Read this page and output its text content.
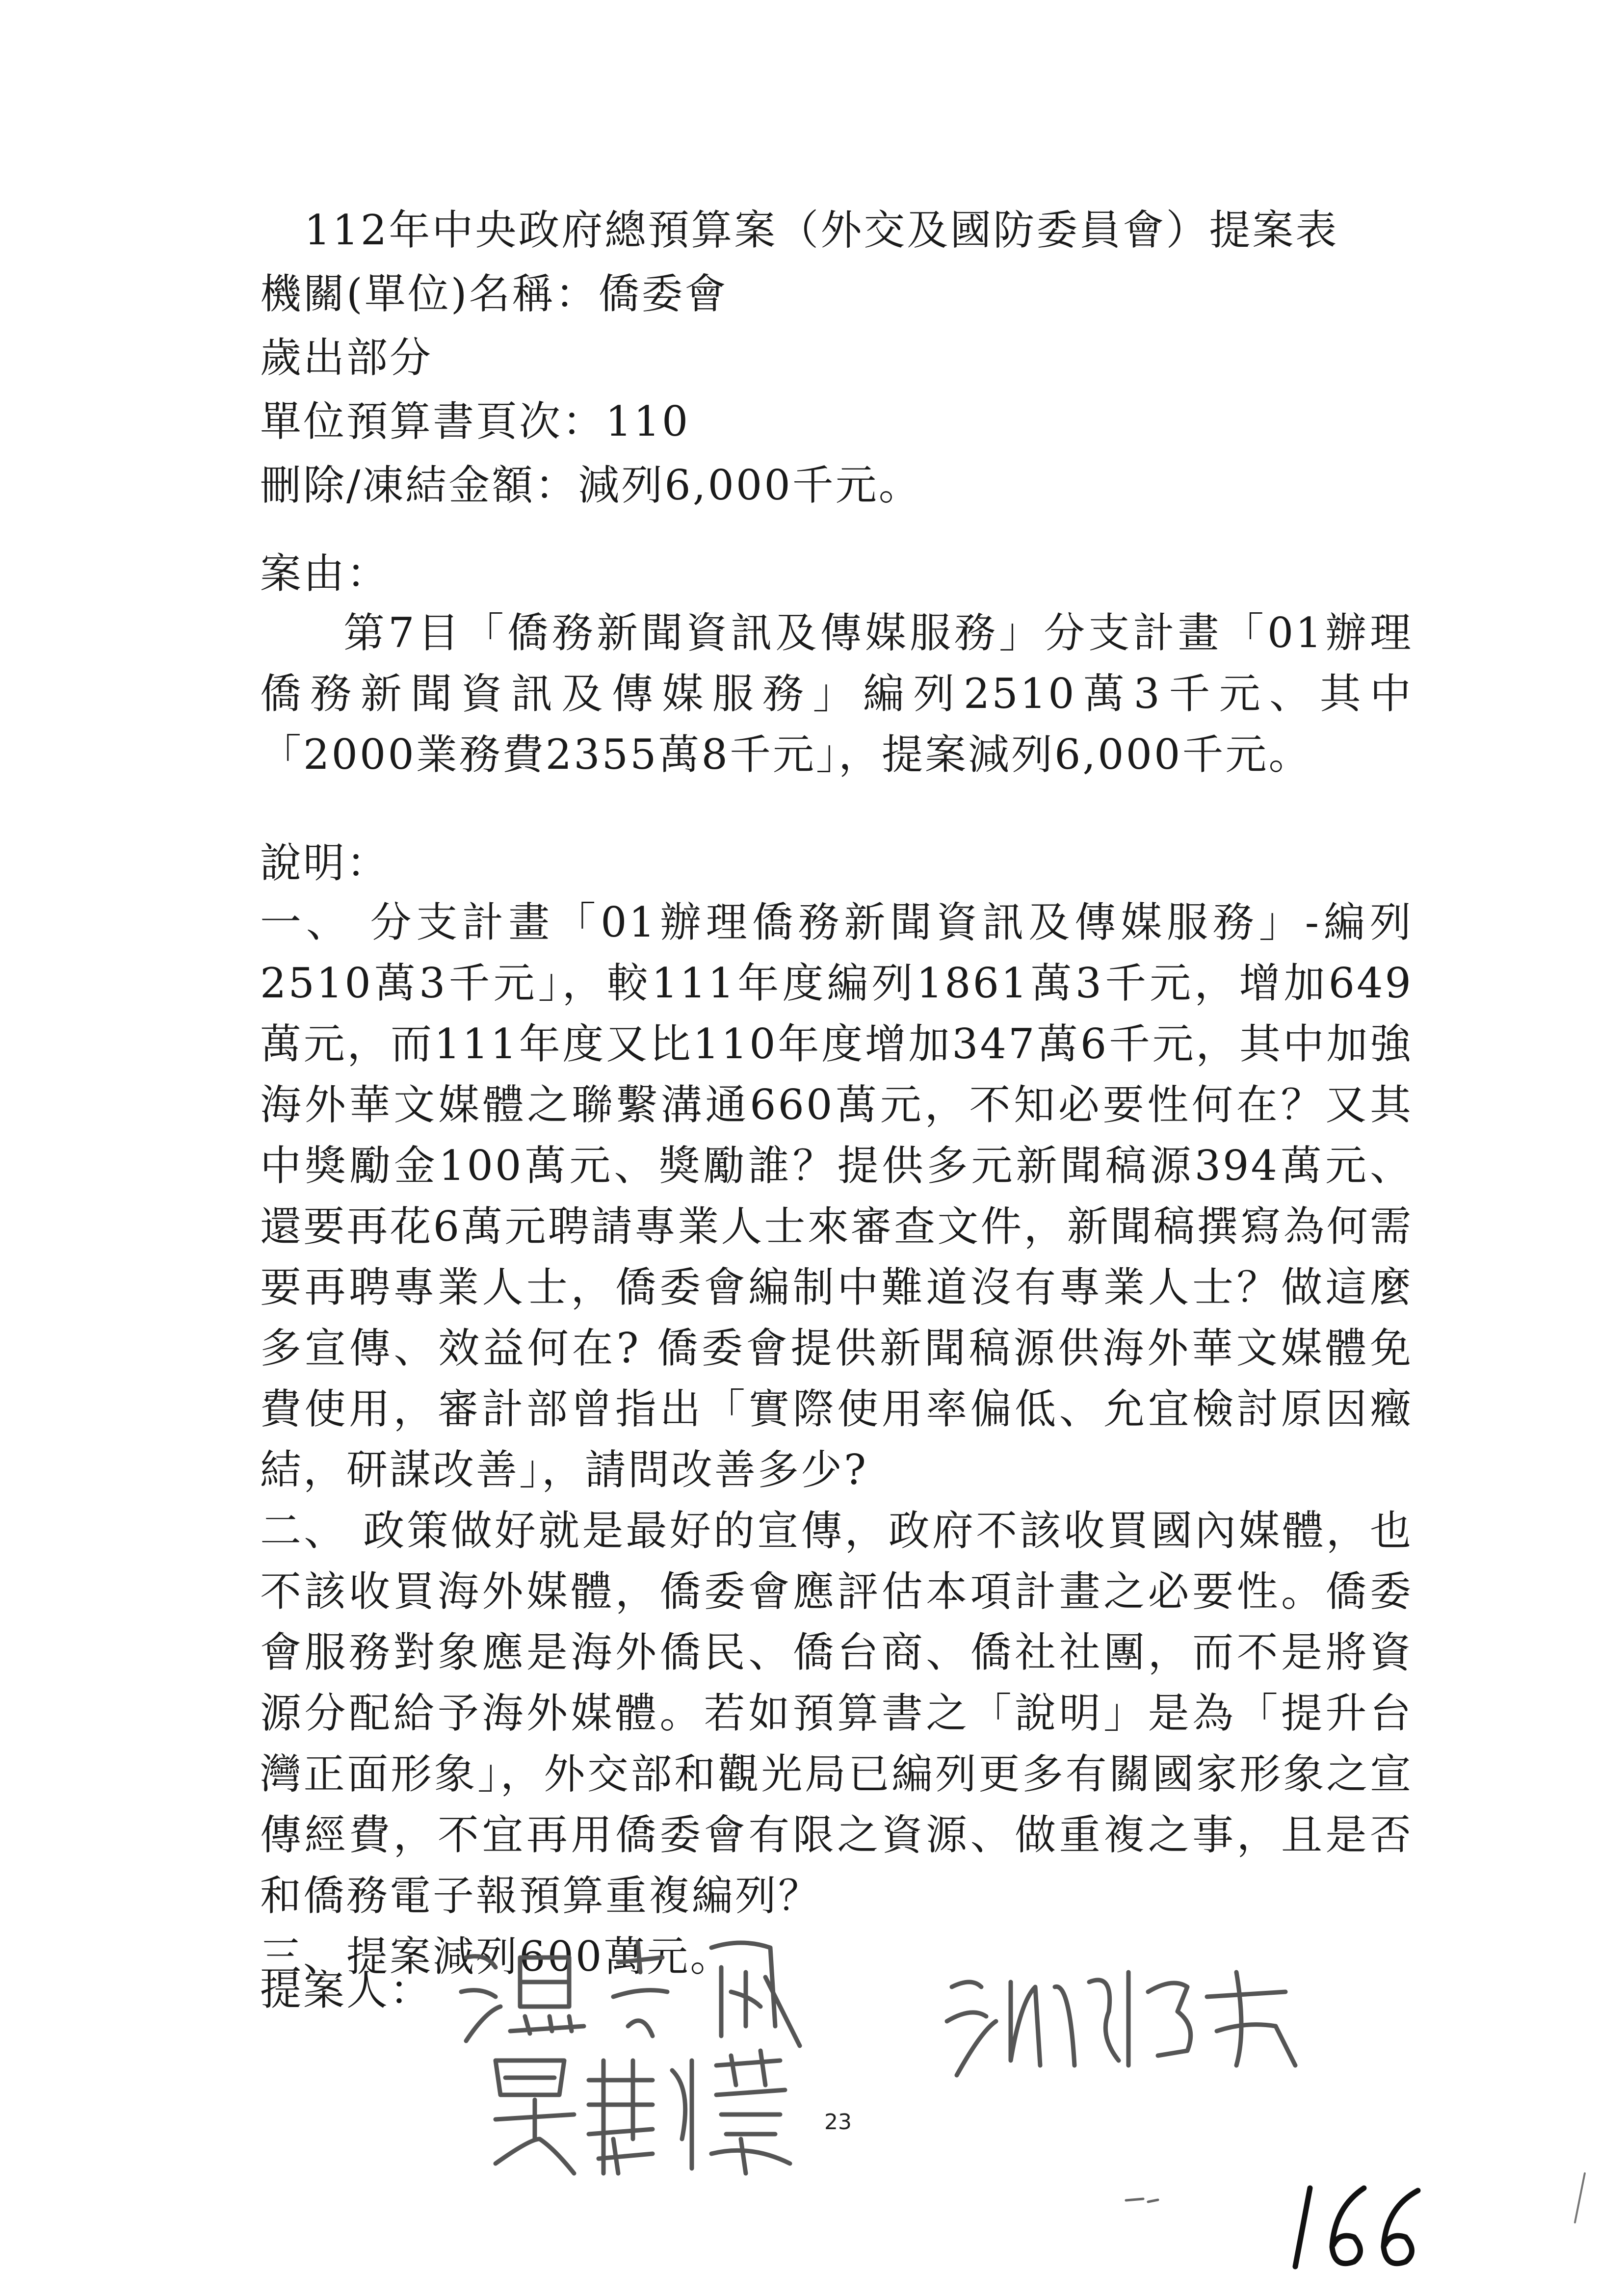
112年中央政府總預算案（外交及國防委員會）提案表
機關(單位)名稱：僑委會
歲出部分
單位預算書頁次：110
刪除/凍結金額：減列6,000千元。

案由：

第7目「僑務新聞資訊及傳媒服務」分支計畫「01辦理僑務新聞資訊及傳媒服務」編列2510萬3千元、其中「2000業務費2355萬8千元」，提案減列6,000千元。

說明：

一、 分支計畫「01辦理僑務新聞資訊及傳媒服務」-編列2510萬3千元」，較111年度編列1861萬3千元，增加649萬元，而111年度又比110年度增加347萬6千元，其中加強海外華文媒體之聯繫溝通660萬元，不知必要性何在？又其中獎勵金100萬元、獎勵誰？提供多元新聞稿源394萬元、還要再花6萬元聘請專業人士來審查文件，新聞稿撰寫為何需要再聘專業人士，僑委會編制中難道沒有專業人士？做這麼多宣傳、效益何在? 僑委會提供新聞稿源供海外華文媒體免費使用，審計部曾指出「實際使用率偏低、允宜檢討原因癥結，研謀改善」，請問改善多少?

二、 政策做好就是最好的宣傳，政府不該收買國內媒體，也不該收買海外媒體，僑委會應評估本項計畫之必要性。僑委會服務對象應是海外僑民、僑台商、僑社社團，而不是將資源分配給予海外媒體。若如預算書之「說明」是為「提升台灣正面形象」，外交部和觀光局已編列更多有關國家形象之宣傳經費，不宜再用僑委會有限之資源、做重複之事，且是否和僑務電子報預算重複編列？

三、提案減列600萬元。

提案人：
23
